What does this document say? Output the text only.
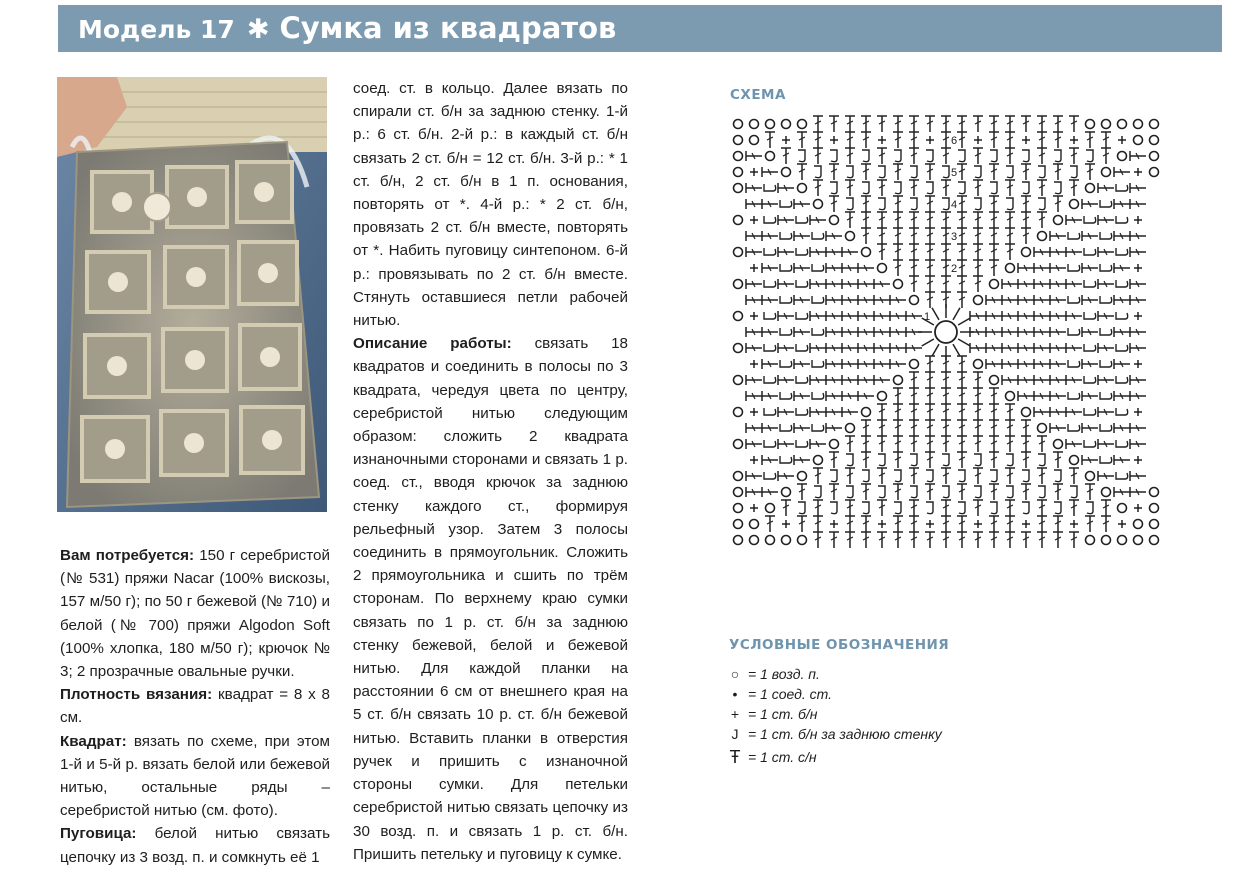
Модель 17 ✱ Сумка из квадратов

Вам потребуется: 150 г серебристой (№ 531) пряжи Nacar (100% вискозы, 157 м/50 г); по 50 г бежевой (№ 710) и белой (№ 700) пряжи Algodon Soft (100% хлопка, 180 м/50 г); крючок № 3; 2 прозрачные овальные ручки.

Плотность вязания: квадрат = 8 х 8 см.

Квадрат: вязать по схеме, при этом 1-й и 5-й р. вязать белой или бежевой нитью, остальные ряды – серебристой нитью (см. фото).

Пуговица: белой нитью связать цепочку из 3 возд. п. и сомкнуть её 1

соед. ст. в кольцо. Далее вязать по спирали ст. б/н за заднюю стенку. 1-й р.: 6 ст. б/н. 2-й р.: в каждый ст. б/н связать 2 ст. б/н = 12 ст. б/н. 3-й р.: * 1 ст. б/н, 2 ст. б/н в 1 п. основания, повторять от *. 4-й р.: * 2 ст. б/н, провязать 2 ст. б/н вместе, повторять от *. Набить пуговицу синтепоном. 6-й р.: провязывать по 2 ст. б/н вместе. Стянуть оставшиеся петли рабочей нитью.

Описание работы: связать 18 квадратов и соединить в полосы по 3 квадрата, чередуя цвета по центру, серебристой нитью следующим образом: сложить 2 квадрата изнаночными сторонами и связать 1 р. соед. ст., вводя крючок за заднюю стенку каждого ст., формируя рельефный узор. Затем 3 полосы соединить в прямоугольник. Сложить 2 прямоугольника и сшить по трём сторонам. По верхнему краю сумки связать по 1 р. ст. б/н за заднюю стенку бежевой, белой и бежевой нитью. Для каждой планки на расстоянии 6 см от внешнего края на 5 ст. б/н связать 10 р. ст. б/н бежевой нитью. Вставить планки в отверстия ручек и пришить с изнаночной стороны сумки. Для петельки серебристой нитью связать цепочку из 30 возд. п. и связать 1 р. ст. б/н. Пришить петельку и пуговицу к сумке.

СХЕМА
6
5
4
3
2
1
УСЛОВНЫЕ ОБОЗНАЧЕНИЯ
○ = 1 возд. п.
• = 1 соед. ст.
+ = 1 ст. б/н
J = 1 ст. б/н за заднюю стенку
Ŧ = 1 ст. с/н
